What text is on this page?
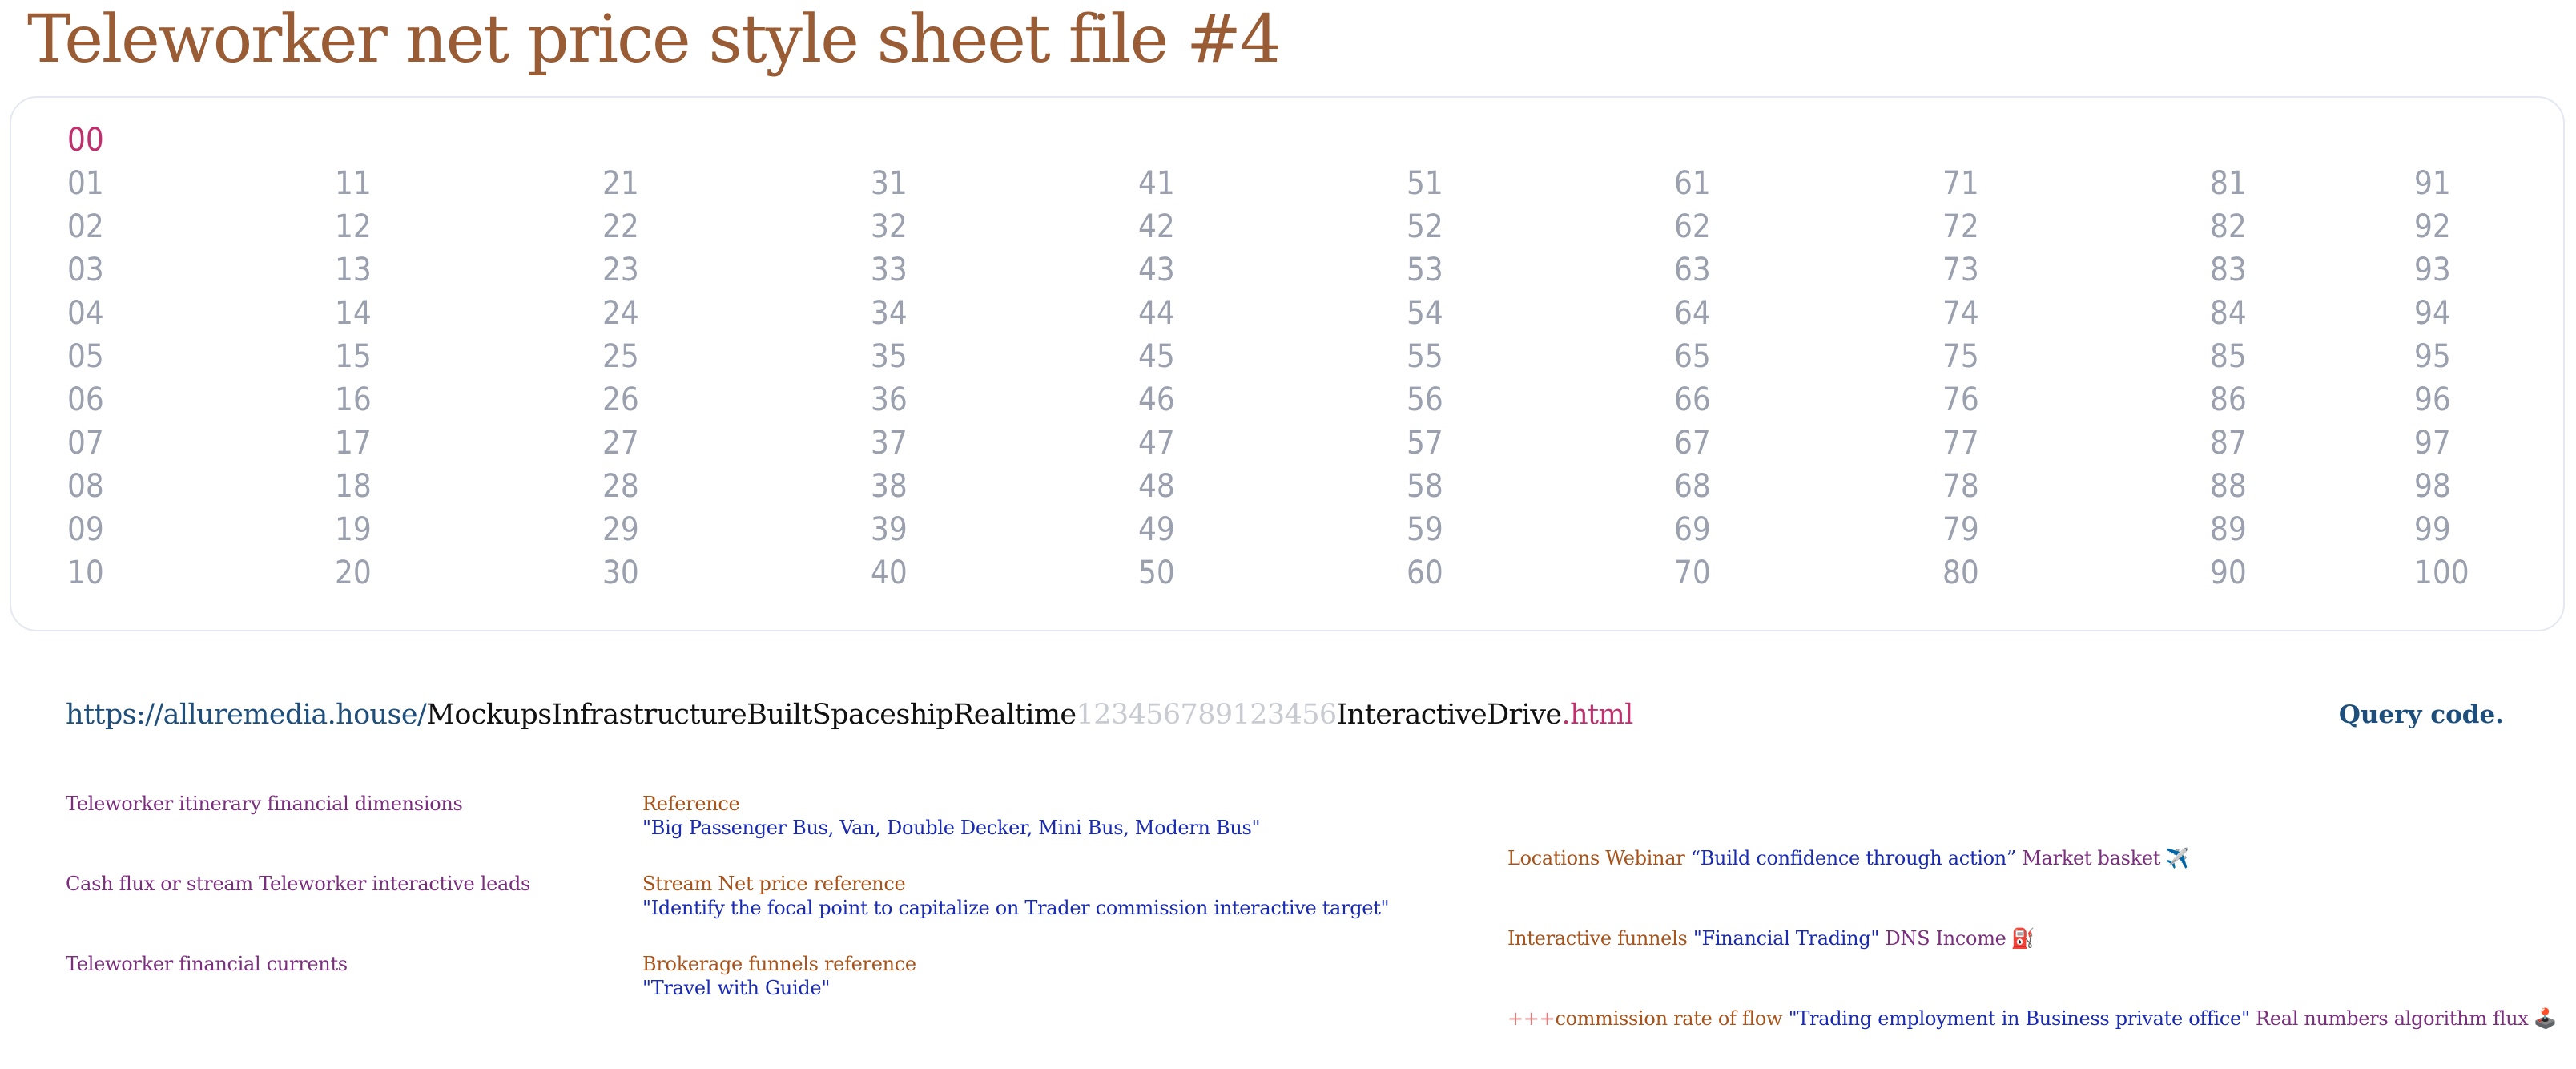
Teleworker net price style sheet file #4
00
01
02
03
04
05
06
07
08
09
10
11
12
13
14
15
16
17
18
19
20
21
22
23
24
25
26
27
28
29
30
31
32
33
34
35
36
37
38
39
40
41
42
43
44
45
46
47
48
49
50
51
52
53
54
55
56
57
58
59
60
61
62
63
64
65
66
67
68
69
70
71
72
73
74
75
76
77
78
79
80
81
82
83
84
85
86
87
88
89
90
91
92
93
94
95
96
97
98
99
100
https://alluremedia.house/MockupsInfrastructureBuiltSpaceshipRealtime123456789123456InteractiveDrive.html	Query code.
Teleworker itinerary financial dimensions
Cash flux or stream Teleworker interactive leads
Teleworker financial currents
Reference
"Big Passenger Bus, Van, Double Decker, Mini Bus, Modern Bus"
Stream Net price reference
"Identify the focal point to capitalize on Trader commission interactive target"
Brokerage funnels reference
"Travel with Guide"
Locations Webinar “Build confidence through action” Market basket ✈️
Interactive funnels "Financial Trading" DNS Income ⛽
+++commission rate of flow "Trading employment in Business private office" Real numbers algorithm flux 🕹️
